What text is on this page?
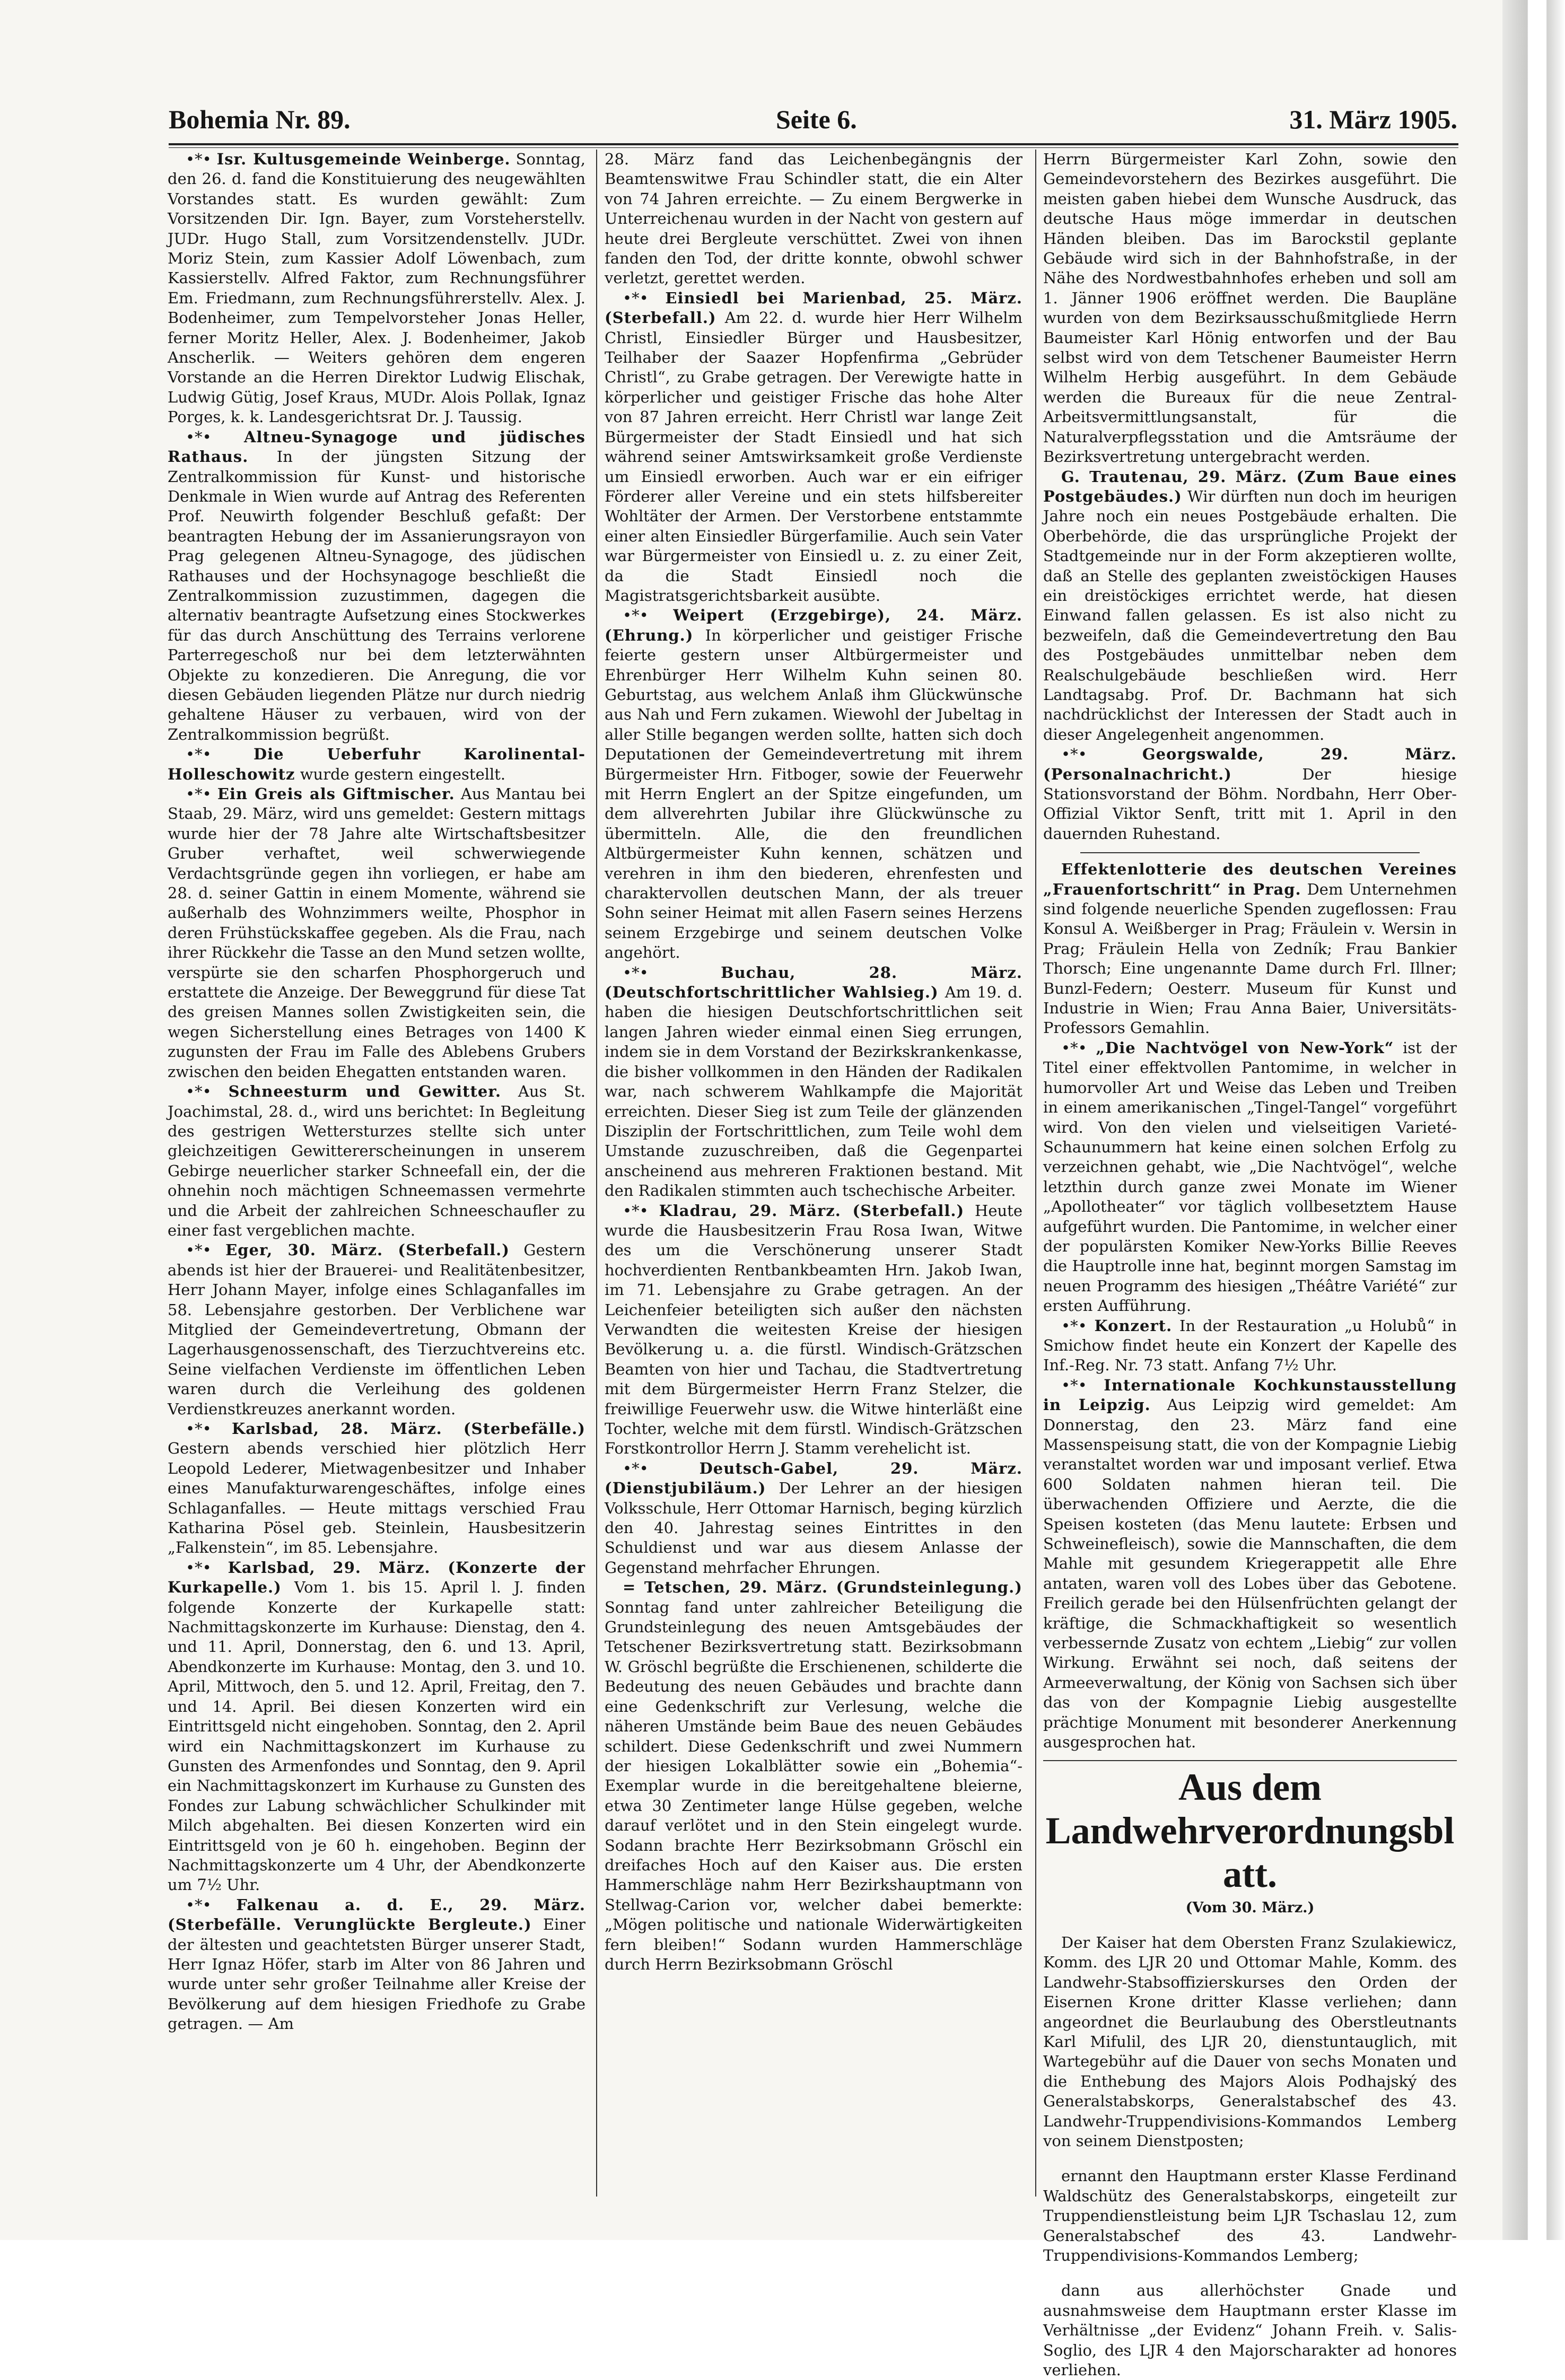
Bohemia Nr. 89.	Seite 6.	31. März 1905.

•*• Isr. Kultusgemeinde Weinberge. Sonntag, den 26. d. fand die Konstituierung des neugewählten Vorstandes statt. Es wurden gewählt: Zum Vorsitzenden Dir. Ign. Bayer, zum Vorsteherstellv. JUDr. Hugo Stall, zum Vorsitzendenstellv. JUDr. Moriz Stein, zum Kassier Adolf Löwenbach, zum Kassierstellv. Alfred Faktor, zum Rechnungsführer Em. Friedmann, zum Rechnungsführerstellv. Alex. J. Bodenheimer, zum Tempelvorsteher Jonas Heller, ferner Moritz Heller, Alex. J. Bodenheimer, Jakob Anscherlik. — Weiters gehören dem engeren Vorstande an die Herren Direktor Ludwig Elischak, Ludwig Gütig, Josef Kraus, MUDr. Alois Pollak, Ignaz Porges, k. k. Landesgerichtsrat Dr. J. Taussig.

•*• Altneu-Synagoge und jüdisches Rathaus. In der jüngsten Sitzung der Zentralkommission für Kunst- und historische Denkmale in Wien wurde auf Antrag des Referenten Prof. Neuwirth folgender Beschluß gefaßt: Der beantragten Hebung der im Assanierungsrayon von Prag gelegenen Altneu-Synagoge, des jüdischen Rathauses und der Hochsynagoge beschließt die Zentralkommission zuzustimmen, dagegen die alternativ beantragte Aufsetzung eines Stockwerkes für das durch Anschüttung des Terrains verlorene Parterregeschoß nur bei dem letzterwähnten Objekte zu konzedieren. Die Anregung, die vor diesen Gebäuden liegenden Plätze nur durch niedrig gehaltene Häuser zu verbauen, wird von der Zentralkommission begrüßt.

•*• Die Ueberfuhr Karolinental-Holleschowitz wurde gestern eingestellt.

•*• Ein Greis als Giftmischer. Aus Mantau bei Staab, 29. März, wird uns gemeldet: Gestern mittags wurde hier der 78 Jahre alte Wirtschaftsbesitzer Gruber verhaftet, weil schwerwiegende Verdachtsgründe gegen ihn vorliegen, er habe am 28. d. seiner Gattin in einem Momente, während sie außerhalb des Wohnzimmers weilte, Phosphor in deren Frühstückskaffee gegeben. Als die Frau, nach ihrer Rückkehr die Tasse an den Mund setzen wollte, verspürte sie den scharfen Phosphorgeruch und erstattete die Anzeige. Der Beweggrund für diese Tat des greisen Mannes sollen Zwistigkeiten sein, die wegen Sicherstellung eines Betrages von 1400 K zugunsten der Frau im Falle des Ablebens Grubers zwischen den beiden Ehegatten entstanden waren.

•*• Schneesturm und Gewitter. Aus St. Joachimstal, 28. d., wird uns berichtet: In Begleitung des gestrigen Wettersturzes stellte sich unter gleichzeitigen Gewittererscheinungen in unserem Gebirge neuerlicher starker Schneefall ein, der die ohnehin noch mächtigen Schneemassen vermehrte und die Arbeit der zahlreichen Schneeschaufler zu einer fast vergeblichen machte.

•*• Eger, 30. März. (Sterbefall.) Gestern abends ist hier der Brauerei- und Realitätenbesitzer, Herr Johann Mayer, infolge eines Schlaganfalles im 58. Lebensjahre gestorben. Der Verblichene war Mitglied der Gemeindevertretung, Obmann der Lagerhausgenossenschaft, des Tierzuchtvereins etc. Seine vielfachen Verdienste im öffentlichen Leben waren durch die Verleihung des goldenen Verdienstkreuzes anerkannt worden.

•*• Karlsbad, 28. März. (Sterbefälle.) Gestern abends verschied hier plötzlich Herr Leopold Lederer, Mietwagenbesitzer und Inhaber eines Manufakturwarengeschäftes, infolge eines Schlaganfalles. — Heute mittags verschied Frau Katharina Pösel geb. Steinlein, Hausbesitzerin „Falkenstein“, im 85. Lebensjahre.

•*• Karlsbad, 29. März. (Konzerte der Kurkapelle.) Vom 1. bis 15. April l. J. finden folgende Konzerte der Kurkapelle statt: Nachmittagskonzerte im Kurhause: Dienstag, den 4. und 11. April, Donnerstag, den 6. und 13. April, Abendkonzerte im Kurhause: Montag, den 3. und 10. April, Mittwoch, den 5. und 12. April, Freitag, den 7. und 14. April. Bei diesen Konzerten wird ein Eintrittsgeld nicht eingehoben. Sonntag, den 2. April wird ein Nachmittagskonzert im Kurhause zu Gunsten des Armenfondes und Sonntag, den 9. April ein Nachmittagskonzert im Kurhause zu Gunsten des Fondes zur Labung schwächlicher Schulkinder mit Milch abgehalten. Bei diesen Konzerten wird ein Eintrittsgeld von je 60 h. eingehoben. Beginn der Nachmittagskonzerte um 4 Uhr, der Abendkonzerte um 7½ Uhr.

•*• Falkenau a. d. E., 29. März. (Sterbefälle. Verunglückte Bergleute.) Einer der ältesten und geachtetsten Bürger unserer Stadt, Herr Ignaz Höfer, starb im Alter von 86 Jahren und wurde unter sehr großer Teilnahme aller Kreise der Bevölkerung auf dem hiesigen Friedhofe zu Grabe getragen. — Am

28. März fand das Leichenbegängnis der Beamtenswitwe Frau Schindler statt, die ein Alter von 74 Jahren erreichte. — Zu einem Bergwerke in Unterreichenau wurden in der Nacht von gestern auf heute drei Bergleute verschüttet. Zwei von ihnen fanden den Tod, der dritte konnte, obwohl schwer verletzt, gerettet werden.

•*• Einsiedl bei Marienbad, 25. März. (Sterbefall.) Am 22. d. wurde hier Herr Wilhelm Christl, Einsiedler Bürger und Hausbesitzer, Teilhaber der Saazer Hopfenfirma „Gebrüder Christl“, zu Grabe getragen. Der Verewigte hatte in körperlicher und geistiger Frische das hohe Alter von 87 Jahren erreicht. Herr Christl war lange Zeit Bürgermeister der Stadt Einsiedl und hat sich während seiner Amtswirksamkeit große Verdienste um Einsiedl erworben. Auch war er ein eifriger Förderer aller Vereine und ein stets hilfsbereiter Wohltäter der Armen. Der Verstorbene entstammte einer alten Einsiedler Bürgerfamilie. Auch sein Vater war Bürgermeister von Einsiedl u. z. zu einer Zeit, da die Stadt Einsiedl noch die Magistratsgerichtsbarkeit ausübte.

•*• Weipert (Erzgebirge), 24. März. (Ehrung.) In körperlicher und geistiger Frische feierte gestern unser Altbürgermeister und Ehrenbürger Herr Wilhelm Kuhn seinen 80. Geburtstag, aus welchem Anlaß ihm Glückwünsche aus Nah und Fern zukamen. Wiewohl der Jubeltag in aller Stille begangen werden sollte, hatten sich doch Deputationen der Gemeindevertretung mit ihrem Bürgermeister Hrn. Fitboger, sowie der Feuerwehr mit Herrn Englert an der Spitze eingefunden, um dem allverehrten Jubilar ihre Glückwünsche zu übermitteln. Alle, die den freundlichen Altbürgermeister Kuhn kennen, schätzen und verehren in ihm den biederen, ehrenfesten und charaktervollen deutschen Mann, der als treuer Sohn seiner Heimat mit allen Fasern seines Herzens seinem Erzgebirge und seinem deutschen Volke angehört.

•*• Buchau, 28. März. (Deutschfortschrittlicher Wahlsieg.) Am 19. d. haben die hiesigen Deutschfortschrittlichen seit langen Jahren wieder einmal einen Sieg errungen, indem sie in dem Vorstand der Bezirkskrankenkasse, die bisher vollkommen in den Händen der Radikalen war, nach schwerem Wahlkampfe die Majorität erreichten. Dieser Sieg ist zum Teile der glänzenden Disziplin der Fortschrittlichen, zum Teile wohl dem Umstande zuzuschreiben, daß die Gegenpartei anscheinend aus mehreren Fraktionen bestand. Mit den Radikalen stimmten auch tschechische Arbeiter.

•*• Kladrau, 29. März. (Sterbefall.) Heute wurde die Hausbesitzerin Frau Rosa Iwan, Witwe des um die Verschönerung unserer Stadt hochverdienten Rentbankbeamten Hrn. Jakob Iwan, im 71. Lebensjahre zu Grabe getragen. An der Leichenfeier beteiligten sich außer den nächsten Verwandten die weitesten Kreise der hiesigen Bevölkerung u. a. die fürstl. Windisch-Grätzschen Beamten von hier und Tachau, die Stadtvertretung mit dem Bürgermeister Herrn Franz Stelzer, die freiwillige Feuerwehr usw. die Witwe hinterläßt eine Tochter, welche mit dem fürstl. Windisch-Grätzschen Forstkontrollor Herrn J. Stamm verehelicht ist.

•*• Deutsch-Gabel, 29. März. (Dienstjubiläum.) Der Lehrer an der hiesigen Volksschule, Herr Ottomar Harnisch, beging kürzlich den 40. Jahrestag seines Eintrittes in den Schuldienst und war aus diesem Anlasse der Gegenstand mehrfacher Ehrungen.

= Tetschen, 29. März. (Grundsteinlegung.) Sonntag fand unter zahlreicher Beteiligung die Grundsteinlegung des neuen Amtsgebäudes der Tetschener Bezirksvertretung statt. Bezirksobmann W. Gröschl begrüßte die Erschienenen, schilderte die Bedeutung des neuen Gebäudes und brachte dann eine Gedenkschrift zur Verlesung, welche die näheren Umstände beim Baue des neuen Gebäudes schildert. Diese Gedenkschrift und zwei Nummern der hiesigen Lokalblätter sowie ein „Bohemia“-Exemplar wurde in die bereitgehaltene bleierne, etwa 30 Zentimeter lange Hülse gegeben, welche darauf verlötet und in den Stein eingelegt wurde. Sodann brachte Herr Bezirksobmann Gröschl ein dreifaches Hoch auf den Kaiser aus. Die ersten Hammerschläge nahm Herr Bezirkshauptmann von Stellwag-Carion vor, welcher dabei bemerkte: „Mögen politische und nationale Widerwärtigkeiten fern bleiben!“ Sodann wurden Hammerschläge durch Herrn Bezirksobmann Gröschl

Herrn Bürgermeister Karl Zohn, sowie den Gemeindevorstehern des Bezirkes ausgeführt. Die meisten gaben hiebei dem Wunsche Ausdruck, das deutsche Haus möge immerdar in deutschen Händen bleiben. Das im Barockstil geplante Gebäude wird sich in der Bahnhofstraße, in der Nähe des Nordwestbahnhofes erheben und soll am 1. Jänner 1906 eröffnet werden. Die Baupläne wurden von dem Bezirksausschußmitgliede Herrn Baumeister Karl Hönig entworfen und der Bau selbst wird von dem Tetschener Baumeister Herrn Wilhelm Herbig ausgeführt. In dem Gebäude werden die Bureaux für die neue Zentral-Arbeitsvermittlungsanstalt, für die Naturalverpflegsstation und die Amtsräume der Bezirksvertretung untergebracht werden.

G. Trautenau, 29. März. (Zum Baue eines Postgebäudes.) Wir dürften nun doch im heurigen Jahre noch ein neues Postgebäude erhalten. Die Oberbehörde, die das ursprüngliche Projekt der Stadtgemeinde nur in der Form akzeptieren wollte, daß an Stelle des geplanten zweistöckigen Hauses ein dreistöckiges errichtet werde, hat diesen Einwand fallen gelassen. Es ist also nicht zu bezweifeln, daß die Gemeindevertretung den Bau des Postgebäudes unmittelbar neben dem Realschulgebäude beschließen wird. Herr Landtagsabg. Prof. Dr. Bachmann hat sich nachdrücklichst der Interessen der Stadt auch in dieser Angelegenheit angenommen.

•*• Georgswalde, 29. März. (Personalnachricht.)	Der hiesige Stationsvorstand der Böhm. Nordbahn, Herr Ober-Offizial Viktor Senft, tritt mit 1. April in den dauernden Ruhestand.

Effektenlotterie des deutschen Vereines „Frauenfortschritt“ in Prag. Dem Unternehmen sind folgende neuerliche Spenden zugeflossen: Frau Konsul A. Weißberger in Prag; Fräulein v. Wersin in Prag; Fräulein Hella von Zedník; Frau Bankier Thorsch; Eine ungenannte Dame durch Frl. Illner; Bunzl-Federn; Oesterr. Museum für Kunst und Industrie in Wien; Frau Anna Baier, Universitäts-Professors Gemahlin.

•*• „Die Nachtvögel von New-York“ ist der Titel einer effektvollen Pantomime, in welcher in humorvoller Art und Weise das Leben und Treiben in einem amerikanischen „Tingel-Tangel“ vorgeführt wird. Von den vielen und vielseitigen Varieté-Schaunummern hat keine einen solchen Erfolg zu verzeichnen gehabt, wie „Die Nachtvögel“, welche letzthin durch ganze zwei Monate im Wiener „Apollotheater“ vor täglich vollbesetztem Hause aufgeführt wurden. Die Pantomime, in welcher einer der populärsten Komiker New-Yorks Billie Reeves die Hauptrolle inne hat, beginnt morgen Samstag im neuen Programm des hiesigen „Théâtre Variété“ zur ersten Aufführung.

•*• Konzert. In der Restauration „u Holubů“ in Smichow findet heute ein Konzert der Kapelle des Inf.-Reg. Nr. 73 statt. Anfang 7½ Uhr.

•*• Internationale Kochkunstausstellung in Leipzig. Aus Leipzig wird gemeldet: Am Donnerstag, den 23. März fand eine Massenspeisung statt, die von der Kompagnie Liebig veranstaltet worden war und imposant verlief. Etwa 600 Soldaten nahmen hieran teil. Die überwachenden Offiziere und Aerzte, die die Speisen kosteten (das Menu lautete: Erbsen und Schweinefleisch), sowie die Mannschaften, die dem Mahle mit gesundem Kriegerappetit alle Ehre antaten, waren voll des Lobes über das Gebotene. Freilich gerade bei den Hülsenfrüchten gelangt der kräftige, die Schmackhaftigkeit so wesentlich verbessernde Zusatz von echtem „Liebig“ zur vollen Wirkung. Erwähnt sei noch, daß seitens der Armeeverwaltung, der König von Sachsen sich über das von der Kompagnie Liebig ausgestellte prächtige Monument mit besonderer Anerkennung ausgesprochen hat.

Aus dem Landwehrverordnungsblatt.
(Vom 30. März.)

Der Kaiser hat dem Obersten Franz Szulakiewicz, Komm. des LJR 20 und Ottomar Mahle, Komm. des Landwehr-Stabsoffizierskurses den Orden der Eisernen Krone dritter Klasse verliehen; dann angeordnet die Beurlaubung des Oberstleutnants Karl Mifulil, des LJR 20, dienstuntauglich, mit Wartegebühr auf die Dauer von sechs Monaten und die Enthebung des Majors Alois Podhajský des Generalstabskorps, Generalstabschef des 43. Landwehr-Truppendivisions-Kommandos Lemberg von seinem Dienstposten;

ernannt den Hauptmann erster Klasse Ferdinand Waldschütz des Generalstabskorps, eingeteilt zur Truppendienstleistung beim LJR Tschaslau 12, zum Generalstabschef des 43. Landwehr-Truppendivisions-Kommandos Lemberg;

dann aus allerhöchster Gnade und ausnahmsweise dem Hauptmann erster Klasse im Verhältnisse „der Evidenz“ Johann Freih. v. Salis-Soglio, des LJR 4 den Majorscharakter ad honores verliehen.
